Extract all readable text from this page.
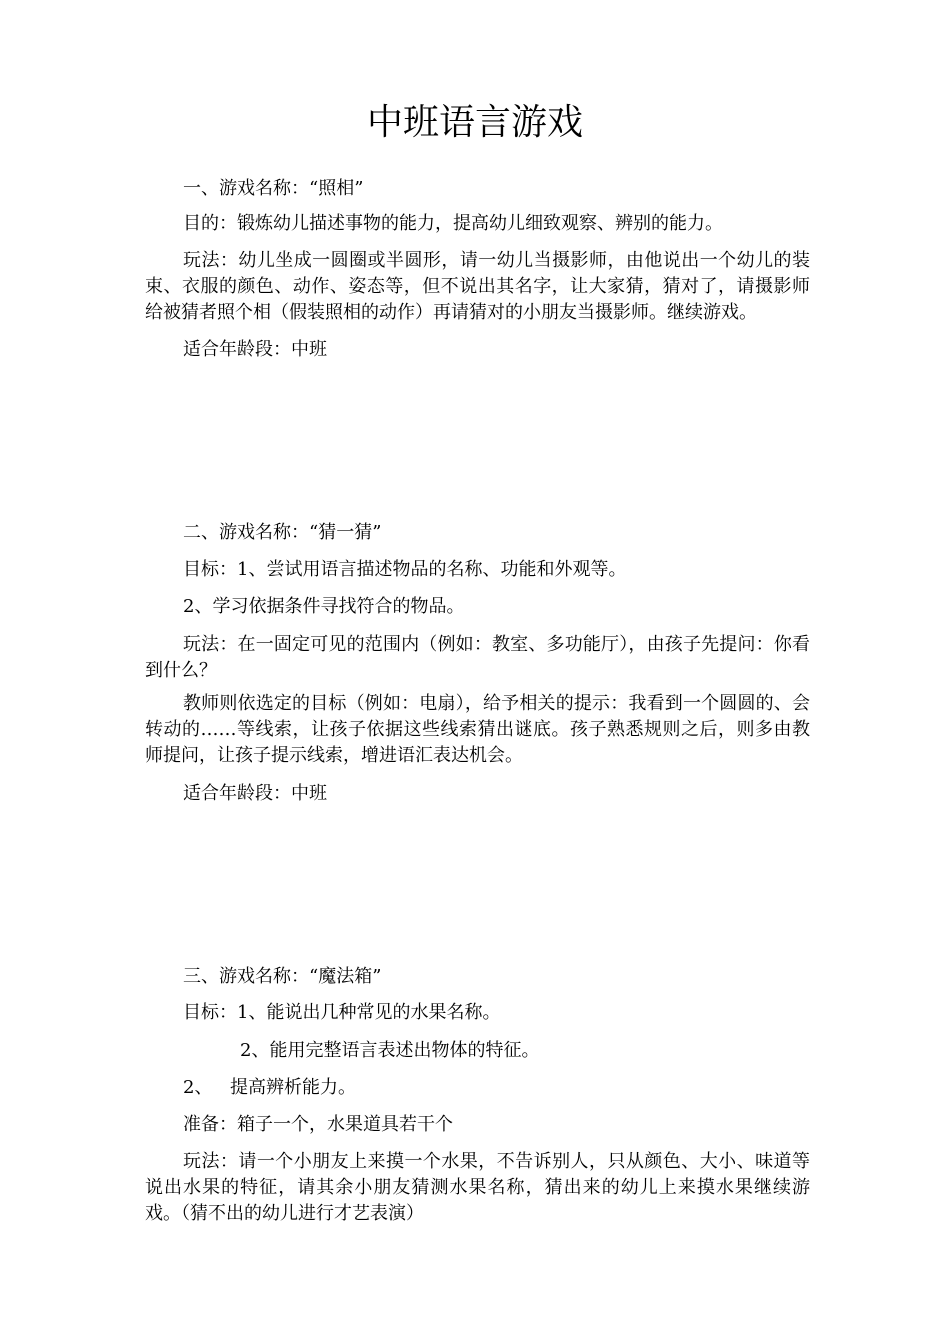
中班语言游戏

一、游戏名称：“照相”

目的：锻炼幼儿描述事物的能力，提高幼儿细致观察、辨别的能力。

玩法：幼儿坐成一圆圈或半圆形，请一幼儿当摄影师，由他说出一个幼儿的装束、衣服的颜色、动作、姿态等，但不说出其名字，让大家猜，猜对了，请摄影师给被猜者照个相（假装照相的动作）再请猜对的小朋友当摄影师。继续游戏。

适合年龄段：中班

二、游戏名称：“猜一猜”

目标：1、尝试用语言描述物品的名称、功能和外观等。

2、学习依据条件寻找符合的物品。

玩法：在一固定可见的范围内（例如：教室、多功能厅），由孩子先提问：你看到什么？

教师则依选定的目标（例如：电扇），给予相关的提示：我看到一个圆圆的、会转动的……等线索，让孩子依据这些线索猜出谜底。孩子熟悉规则之后，则多由教师提问，让孩子提示线索，增进语汇表达机会。

适合年龄段：中班

三、游戏名称：“魔法箱”

目标：1、能说出几种常见的水果名称。

2、能用完整语言表述出物体的特征。

2、 提高辨析能力。

准备：箱子一个，水果道具若干个

玩法：请一个小朋友上来摸一个水果，不告诉别人，只从颜色、大小、味道等说出水果的特征，请其余小朋友猜测水果名称，猜出来的幼儿上来摸水果继续游戏。（猜不出的幼儿进行才艺表演）
